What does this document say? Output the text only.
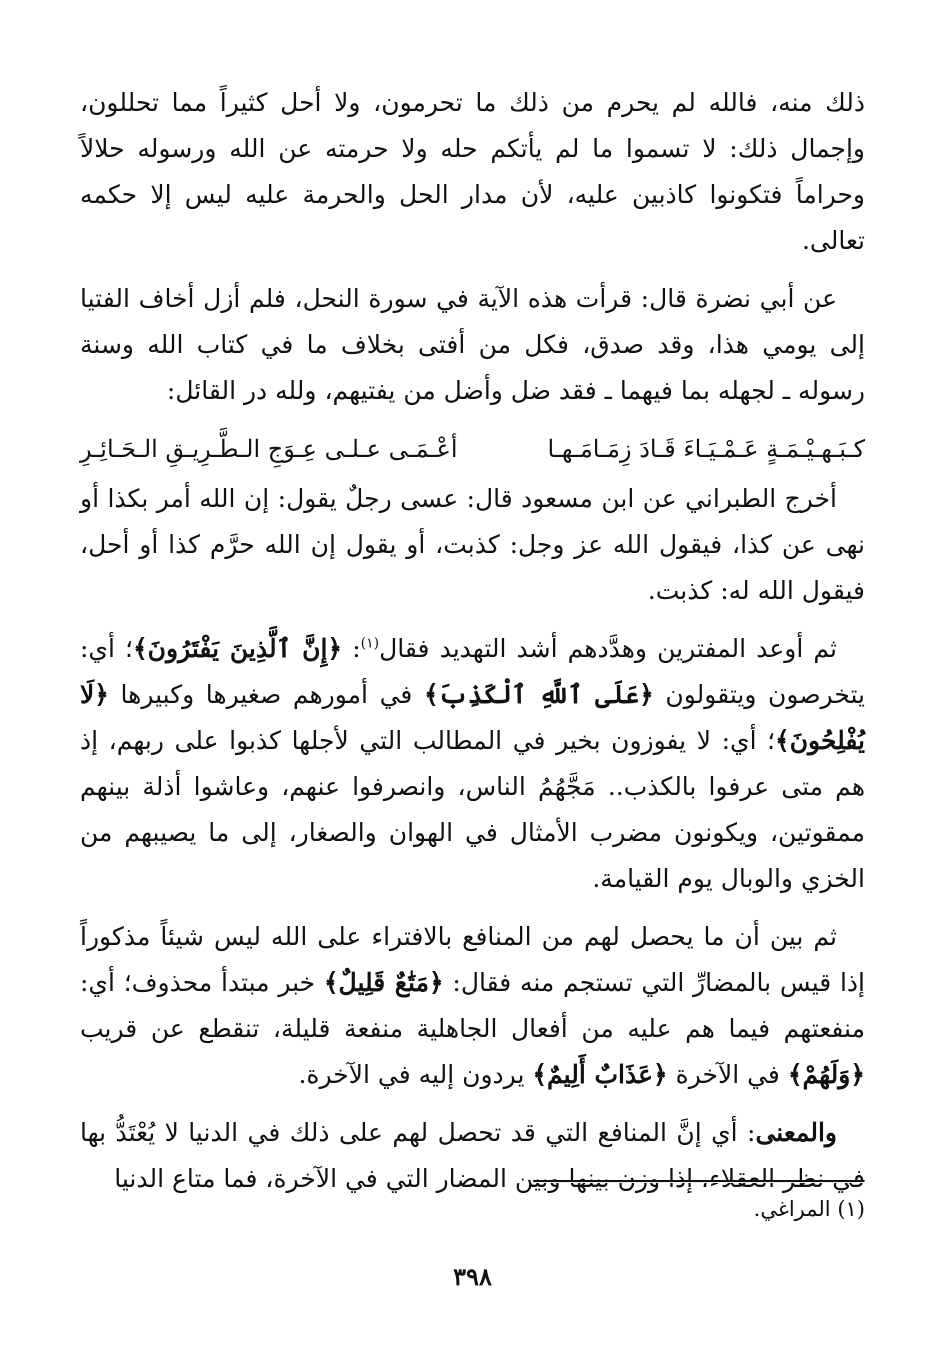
ذلك منه، فالله لم يحرم من ذلك ما تحرمون، ولا أحل كثيراً مما تحللون، وإجمال ذلك: لا تسموا ما لم يأتكم حله ولا حرمته عن الله ورسوله حلالاً وحراماً فتكونوا كاذبين عليه، لأن مدار الحل والحرمة عليه ليس إلا حكمه تعالى.

عن أبي نضرة قال: قرأت هذه الآية في سورة النحل، فلم أزل أخاف الفتيا إلى يومي هذا، وقد صدق، فكل من أفتى بخلاف ما في كتاب الله وسنة رسوله ـ لجهله بما فيهما ـ فقد ضل وأضل من يفتيهم، ولله در القائل:

كـبَـهـيْـمَـةٍ عَـمْـيَـاءَ قَـادَ زِمَـامَـهـا
أعْـمَـى عـلـى عِـوَجِ الـطَّـرِيـقِ الـحَـائِـرِ

أخرج الطبراني عن ابن مسعود قال: عسى رجلٌ يقول: إن الله أمر بكذا أو نهى عن كذا، فيقول الله عز وجل: كذبت، أو يقول إن الله حرَّم كذا أو أحل، فيقول الله له: كذبت.

ثم أوعد المفترين وهدَّدهم أشد التهديد فقال$^{(١)}$: ﴿إِنَّ ٱلَّذِينَ يَفْتَرُونَ﴾؛ أي: يتخرصون ويتقولون ﴿عَلَى ٱللَّهِ ٱلْكَذِبَ﴾ في أمورهم صغيرها وكبيرها ﴿لَا يُفْلِحُونَ﴾؛ أي: لا يفوزون بخير في المطالب التي لأجلها كذبوا على ربهم، إذ هم متى عرفوا بالكذب.. مَجَّهُمُ الناس، وانصرفوا عنهم، وعاشوا أذلة بينهم ممقوتين، ويكونون مضرب الأمثال في الهوان والصغار، إلى ما يصيبهم من الخزي والوبال يوم القيامة.

ثم بين أن ما يحصل لهم من المنافع بالافتراء على الله ليس شيئاً مذكوراً إذا قيس بالمضارِّ التي تستجم منه فقال: ﴿مَتَٰعٌ قَلِيلٌ﴾ خبر مبتدأ محذوف؛ أي: منفعتهم فيما هم عليه من أفعال الجاهلية منفعة قليلة، تنقطع عن قريب ﴿وَلَهُمْ﴾ في الآخرة ﴿عَذَابٌ أَلِيمٌ﴾ يردون إليه في الآخرة.

والمعنى: أي إنَّ المنافع التي قد تحصل لهم على ذلك في الدنيا لا يُعْتَدُّ بها في نظر العقلاء، إذا وزن بينها وبين المضار التي في الآخرة، فما متاع الدنيا

(١) المراغي.
٣٩٨
